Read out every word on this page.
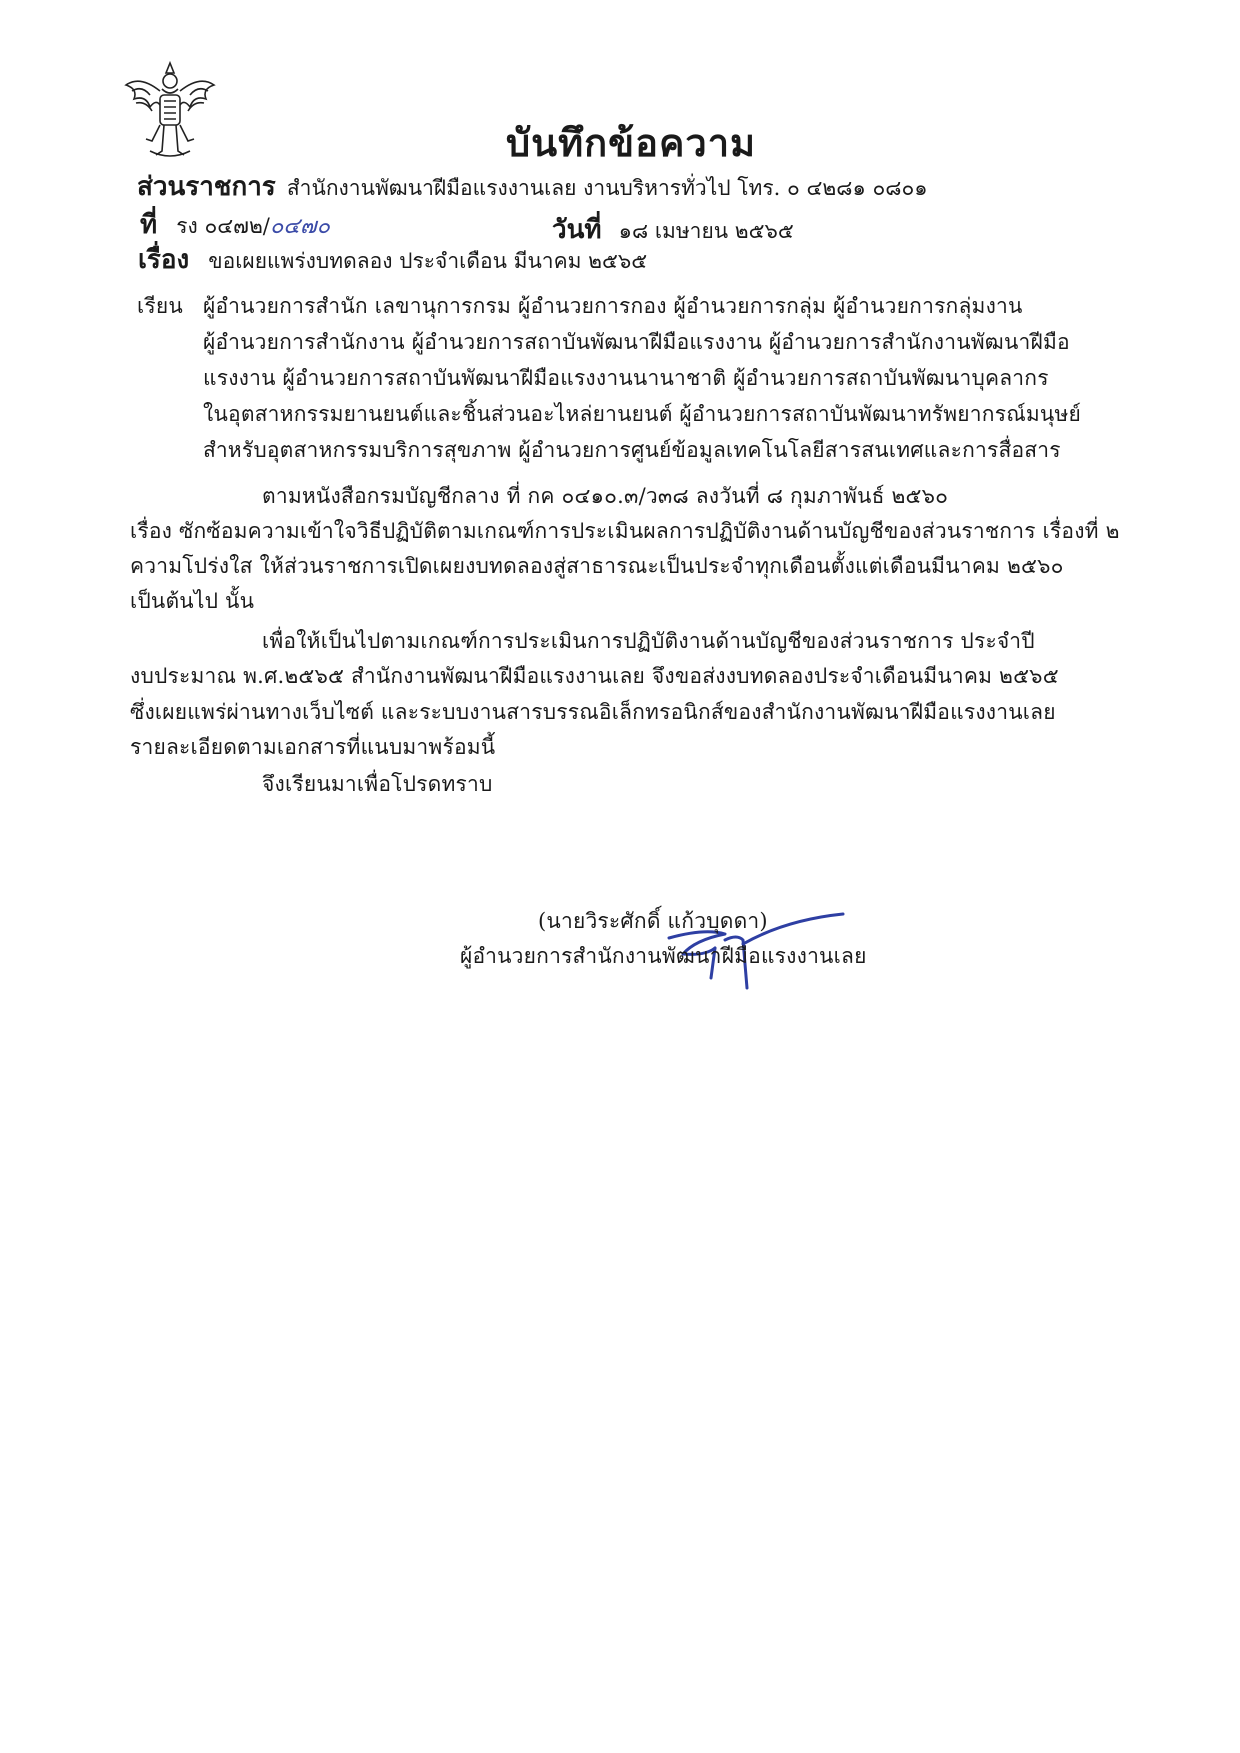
บันทึกข้อความ
ส่วนราชการ สำนักงานพัฒนาฝีมือแรงงานเลย งานบริหารทั่วไป โทร. ๐ ๔๒๘๑ ๐๘๐๑
ที่ รง ๐๔๗๒/๐๔๗๐	วันที่ ๑๘ เมษายน ๒๕๖๕
เรื่อง ขอเผยแพร่งบทดลอง ประจำเดือน มีนาคม ๒๕๖๕
เรียน ผู้อำนวยการสำนัก เลขานุการกรม ผู้อำนวยการกอง ผู้อำนวยการกลุ่ม ผู้อำนวยการกลุ่มงาน
ผู้อำนวยการสำนักงาน ผู้อำนวยการสถาบันพัฒนาฝีมือแรงงาน ผู้อำนวยการสำนักงานพัฒนาฝีมือ
แรงงาน ผู้อำนวยการสถาบันพัฒนาฝีมือแรงงานนานาชาติ ผู้อำนวยการสถาบันพัฒนาบุคลากร
ในอุตสาหกรรมยานยนต์และชิ้นส่วนอะไหล่ยานยนต์ ผู้อำนวยการสถาบันพัฒนาทรัพยากรณ์มนุษย์
สำหรับอุตสาหกรรมบริการสุขภาพ ผู้อำนวยการศูนย์ข้อมูลเทคโนโลยีสารสนเทศและการสื่อสาร
ตามหนังสือกรมบัญชีกลาง ที่ กค ๐๔๑๐.๓/ว๓๘ ลงวันที่ ๘ กุมภาพันธ์ ๒๕๖๐
เรื่อง ซักซ้อมความเข้าใจวิธีปฏิบัติตามเกณฑ์การประเมินผลการปฏิบัติงานด้านบัญชีของส่วนราชการ เรื่องที่ ๒
ความโปร่งใส ให้ส่วนราชการเปิดเผยงบทดลองสู่สาธารณะเป็นประจำทุกเดือนตั้งแต่เดือนมีนาคม ๒๕๖๐
เป็นต้นไป นั้น
เพื่อให้เป็นไปตามเกณฑ์การประเมินการปฏิบัติงานด้านบัญชีของส่วนราชการ ประจำปี
งบประมาณ พ.ศ.๒๕๖๕ สำนักงานพัฒนาฝีมือแรงงานเลย จึงขอส่งงบทดลองประจำเดือนมีนาคม ๒๕๖๕
ซึ่งเผยแพร่ผ่านทางเว็บไซต์ และระบบงานสารบรรณอิเล็กทรอนิกส์ของสำนักงานพัฒนาฝีมือแรงงานเลย
รายละเอียดตามเอกสารที่แนบมาพร้อมนี้
จึงเรียนมาเพื่อโปรดทราบ
(นายวิระศักดิ์ แก้วบุดดา)
ผู้อำนวยการสำนักงานพัฒนาฝีมือแรงงานเลย
